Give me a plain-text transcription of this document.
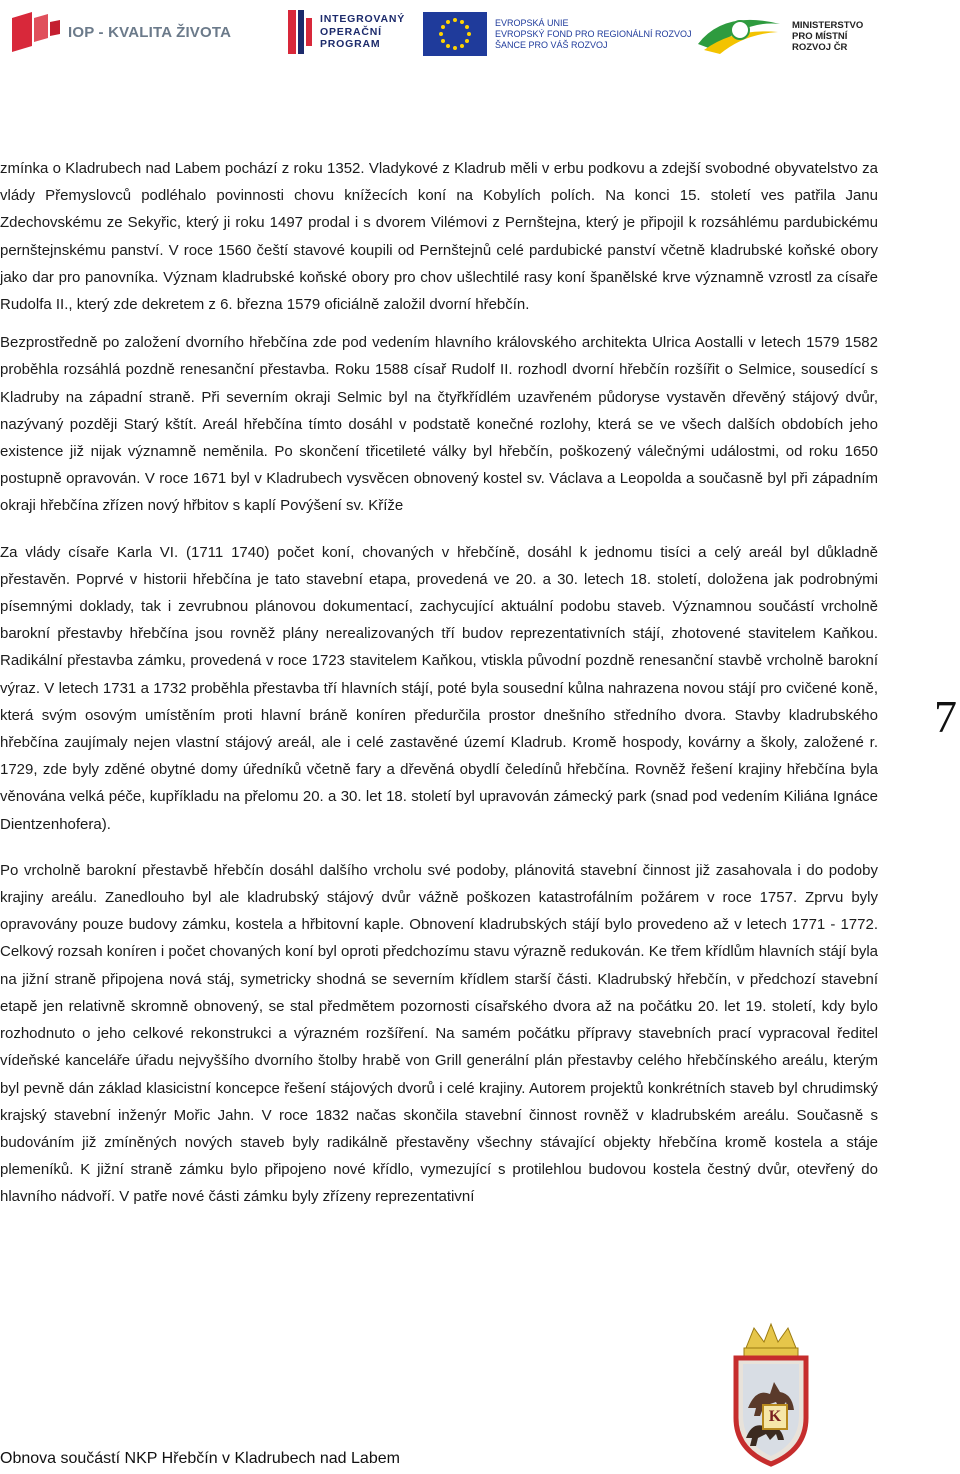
IOP - KVALITA ŽIVOTA
INTEGROVANÝ
OPERAČNÍ
PROGRAM
EVROPSKÁ UNIE
EVROPSKÝ FOND PRO REGIONÁLNÍ ROZVOJ
ŠANCE PRO VÁŠ ROZVOJ
MINISTERSTVO
PRO MÍSTNÍ
ROZVOJ ČR

zmínka o Kladrubech nad Labem pochází z roku 1352. Vladykové z Kladrub měli v erbu podkovu a zdejší svobodné obyvatelstvo za vlády Přemyslovců podléhalo povinnosti chovu knížecích koní na Kobylích polích. Na konci 15. století ves patřila Janu Zdechovskému ze Sekyřic, který ji roku 1497 prodal i s dvorem Vilémovi z Pernštejna, který je připojil k rozsáhlému pardubickému pernštejnskému panství. V roce 1560 čeští stavové koupili od Pernštejnů celé pardubické panství včetně kladrubské koňské obory jako dar pro panovníka. Význam kladrubské koňské obory pro chov ušlechtilé rasy koní španělské krve významně vzrostl za císaře Rudolfa II., který zde dekretem z 6. března 1579 oficiálně založil dvorní hřebčín.

Bezprostředně po založení dvorního hřebčína zde pod vedením hlavního královského architekta Ulrica Aostalli v letech 1579 1582 proběhla rozsáhlá pozdně renesanční přestavba. Roku 1588 císař Rudolf II. rozhodl dvorní hřebčín rozšířit o Selmice, sousedící s Kladruby na západní straně. Při severním okraji Selmic byl na čtyřkřídlém uzavřeném půdoryse vystavěn dřevěný stájový dvůr, nazývaný později Starý kštít. Areál hřebčína tímto dosáhl v podstatě konečné rozlohy, která se ve všech dalších obdobích jeho existence již nijak významně neměnila. Po skončení třicetileté války byl hřebčín, poškozený válečnými událostmi, od roku 1650 postupně opravován. V roce 1671 byl v Kladrubech vysvěcen obnovený kostel sv. Václava a Leopolda a současně byl při západním okraji hřebčína zřízen nový hřbitov s kaplí Povýšení sv. Kříže

Za vlády císaře Karla VI. (1711 1740) počet koní, chovaných v hřebčíně, dosáhl k jednomu tisíci a celý areál byl důkladně přestavěn. Poprvé v historii hřebčína je tato stavební etapa, provedená ve 20. a 30. letech 18. století, doložena jak podrobnými písemnými doklady, tak i zevrubnou plánovou dokumentací, zachycující aktuální podobu staveb. Významnou součástí vrcholně barokní přestavby hřebčína jsou rovněž plány nerealizovaných tří budov reprezentativních stájí, zhotovené stavitelem Kaňkou. Radikální přestavba zámku, provedená v roce 1723 stavitelem Kaňkou, vtiskla původní pozdně renesanční stavbě vrcholně barokní výraz. V letech 1731 a 1732 proběhla přestavba tří hlavních stájí, poté byla sousední kůlna nahrazena novou stájí pro cvičené koně, která svým osovým umístěním proti hlavní bráně koníren předurčila prostor dnešního středního dvora. Stavby kladrubského hřebčína zaujímaly nejen vlastní stájový areál, ale i celé zastavěné území Kladrub. Kromě hospody, kovárny a školy, založené r. 1729, zde byly zděné obytné domy úředníků včetně fary a dřevěná obydlí čeledínů hřebčína. Rovněž řešení krajiny hřebčína byla věnována velká péče, kupříkladu na přelomu 20. a 30. let 18. století byl upravován zámecký park (snad pod vedením Kiliána Ignáce Dientzenhofera).

Po vrcholně barokní přestavbě hřebčín dosáhl dalšího vrcholu své podoby, plánovitá stavební činnost již zasahovala i do podoby krajiny areálu. Zanedlouho byl ale kladrubský stájový dvůr vážně poškozen katastrofálním požárem v roce 1757. Zprvu byly opravovány pouze budovy zámku, kostela a hřbitovní kaple. Obnovení kladrubských stájí bylo provedeno až v letech 1771 - 1772. Celkový rozsah koníren i počet chovaných koní byl oproti předchozímu stavu výrazně redukován. Ke třem křídlům hlavních stájí byla na jižní straně připojena nová stáj, symetricky shodná se severním křídlem starší části. Kladrubský hřebčín, v předchozí stavební etapě jen relativně skromně obnovený, se stal předmětem pozornosti císařského dvora až na počátku 20. let 19. století, kdy bylo rozhodnuto o jeho celkové rekonstrukci a výrazném rozšíření. Na samém počátku přípravy stavebních prací vypracoval ředitel vídeňské kanceláře úřadu nejvyššího dvorního štolby hrabě von Grill generální plán přestavby celého hřebčínského areálu, kterým byl pevně dán základ klasicistní koncepce řešení stájových dvorů i celé krajiny. Autorem projektů konkrétních staveb byl chrudimský krajský stavební inženýr Mořic Jahn. V roce 1832 načas skončila stavební činnost rovněž v kladrubském areálu. Současně s budováním již zmíněných nových staveb byly radikálně přestavěny všechny stávající objekty hřebčína kromě kostela a stáje plemeníků. K jižní straně zámku bylo připojeno nové křídlo, vymezující s protilehlou budovou kostela čestný dvůr, otevřený do hlavního nádvoří. V patře nové části zámku byly zřízeny reprezentativní

7
K
Obnova součástí NKP Hřebčín v Kladrubech nad Labem
